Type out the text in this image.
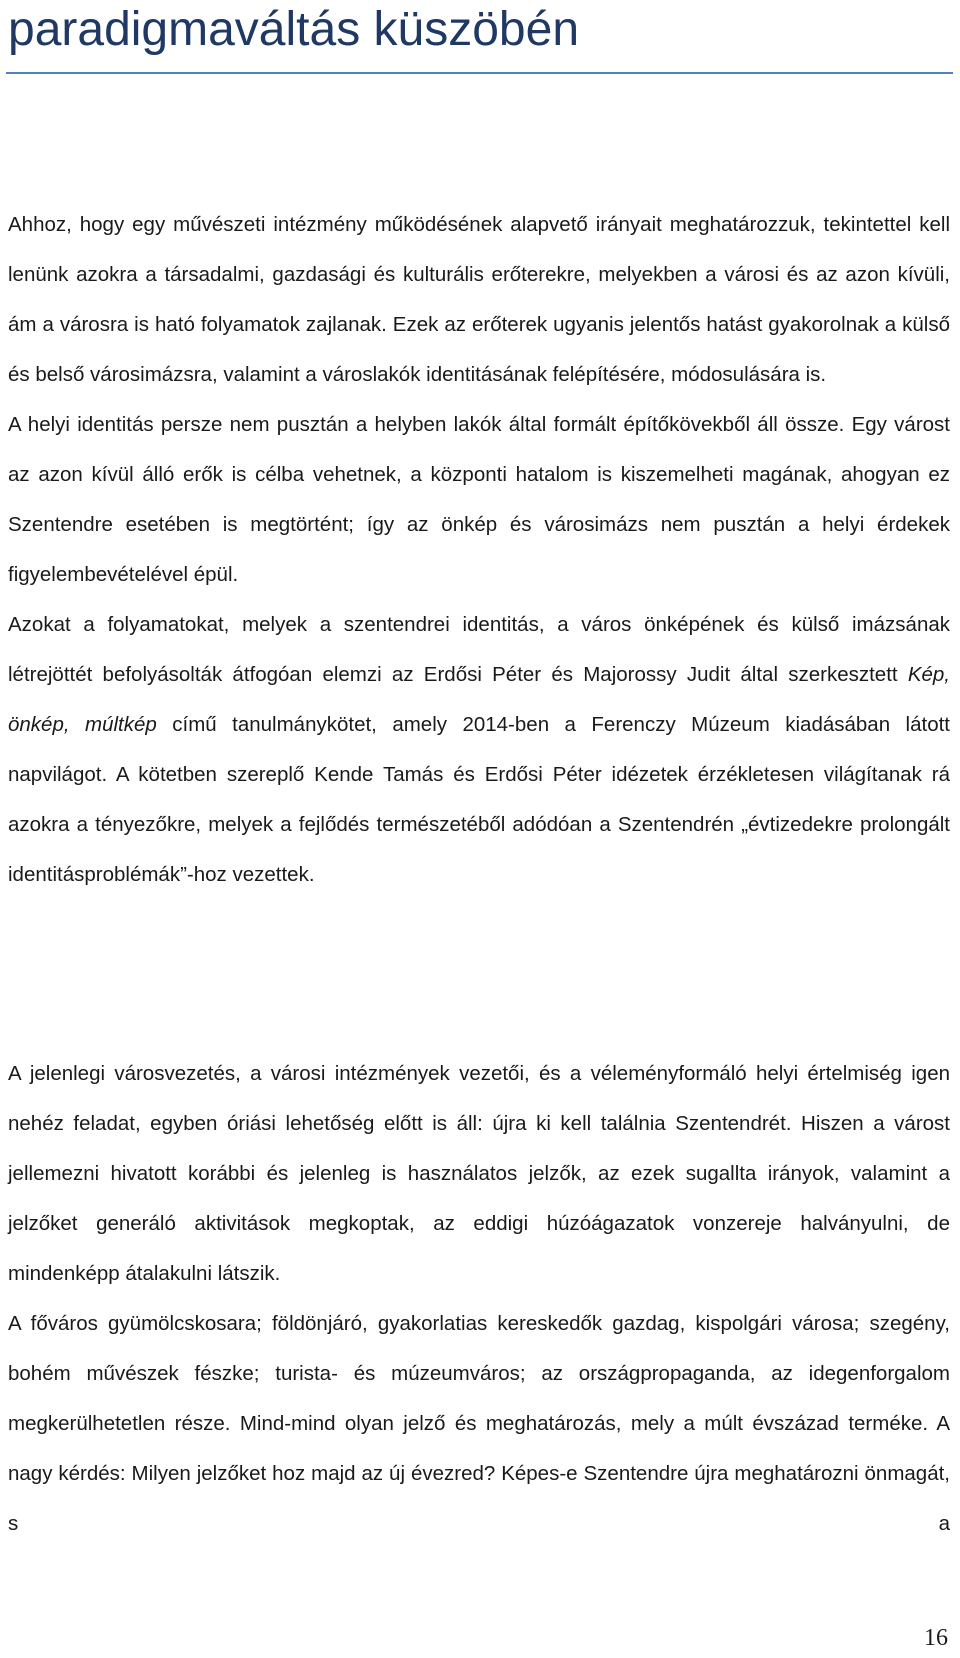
paradigmaváltás küszöbén

Ahhoz, hogy egy művészeti intézmény működésének alapvető irányait meghatározzuk, tekintettel kell lenünk azokra a társadalmi, gazdasági és kulturális erőterekre, melyekben a városi és az azon kívüli, ám a városra is ható folyamatok zajlanak. Ezek az erőterek ugyanis jelentős hatást gyakorolnak a külső és belső városimázsra, valamint a városlakók identitásának felépítésére, módosulására is.

A helyi identitás persze nem pusztán a helyben lakók által formált építőkövekből áll össze. Egy várost az azon kívül álló erők is célba vehetnek, a központi hatalom is kiszemelheti magának, ahogyan ez Szentendre esetében is megtörtént; így az önkép és városimázs nem pusztán a helyi érdekek figyelembevételével épül.

Azokat a folyamatokat, melyek a szentendrei identitás, a város önképének és külső imázsának létrejöttét befolyásolták átfogóan elemzi az Erdősi Péter és Majorossy Judit által szerkesztett Kép, önkép, múltkép című tanulmánykötet, amely 2014-ben a Ferenczy Múzeum kiadásában látott napvilágot. A kötetben szereplő Kende Tamás és Erdősi Péter idézetek érzékletesen világítanak rá azokra a tényezőkre, melyek a fejlődés természetéből adódóan a Szentendrén „évtizedekre prolongált identitásproblémák”-hoz vezettek.

A jelenlegi városvezetés, a városi intézmények vezetői, és a véleményformáló helyi értelmiség igen nehéz feladat, egyben óriási lehetőség előtt is áll: újra ki kell találnia Szentendrét. Hiszen a várost jellemezni hivatott korábbi és jelenleg is használatos jelzők, az ezek sugallta irányok, valamint a jelzőket generáló aktivitások megkoptak, az eddigi húzóágazatok vonzereje halványulni, de mindenképp átalakulni látszik.

A főváros gyümölcskosara; földönjáró, gyakorlatias kereskedők gazdag, kispolgári városa; szegény, bohém művészek fészke; turista- és múzeumváros; az országpropaganda, az idegenforgalom megkerülhetetlen része. Mind-mind olyan jelző és meghatározás, mely a múlt évszázad terméke. A nagy kérdés: Milyen jelzőket hoz majd az új évezred? Képes-e Szentendre újra meghatározni önmagát, s a

16
